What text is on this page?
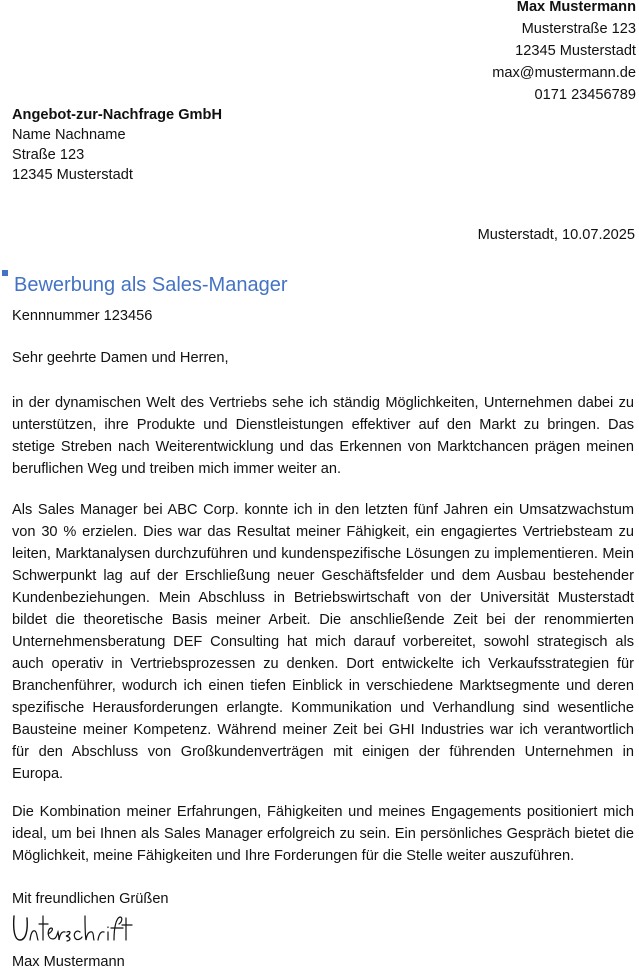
Max Mustermann
Musterstraße 123
12345 Musterstadt
max@mustermann.de
0171 23456789
Angebot-zur-Nachfrage GmbH
Name Nachname
Straße 123
12345 Musterstadt
Musterstadt, 10.07.2025
Bewerbung als Sales-Manager
Kennnummer 123456
Sehr geehrte Damen und Herren,
in der dynamischen Welt des Vertriebs sehe ich ständig Möglichkeiten, Unternehmen dabei zu unterstützen, ihre Produkte und Dienstleistungen effektiver auf den Markt zu bringen. Das stetige Streben nach Weiterentwicklung und das Erkennen von Marktchancen prägen meinen beruflichen Weg und treiben mich immer weiter an.
Als Sales Manager bei ABC Corp. konnte ich in den letzten fünf Jahren ein Umsatzwachstum von 30 % erzielen. Dies war das Resultat meiner Fähigkeit, ein engagiertes Vertriebsteam zu leiten, Marktanalysen durchzuführen und kundenspezifische Lösungen zu implementieren. Mein Schwerpunkt lag auf der Erschließung neuer Geschäftsfelder und dem Ausbau bestehender Kundenbeziehungen. Mein Abschluss in Betriebswirtschaft von der Universität Musterstadt bildet die theoretische Basis meiner Arbeit. Die anschließende Zeit bei der renommierten Unternehmensberatung DEF Consulting hat mich darauf vorbereitet, sowohl strategisch als auch operativ in Vertriebsprozessen zu denken. Dort entwickelte ich Verkaufsstrategien für Branchenführer, wodurch ich einen tiefen Einblick in verschiedene Marktsegmente und deren spezifische Herausforderungen erlangte. Kommunikation und Verhandlung sind wesentliche Bausteine meiner Kompetenz. Während meiner Zeit bei GHI Industries war ich verantwortlich für den Abschluss von Großkundenverträgen mit einigen der führenden Unternehmen in Europa.
Die Kombination meiner Erfahrungen, Fähigkeiten und meines Engagements positioniert mich ideal, um bei Ihnen als Sales Manager erfolgreich zu sein. Ein persönliches Gespräch bietet die Möglichkeit, meine Fähigkeiten und Ihre Forderungen für die Stelle weiter auszuführen.
Mit freundlichen Grüßen
Max Mustermann
